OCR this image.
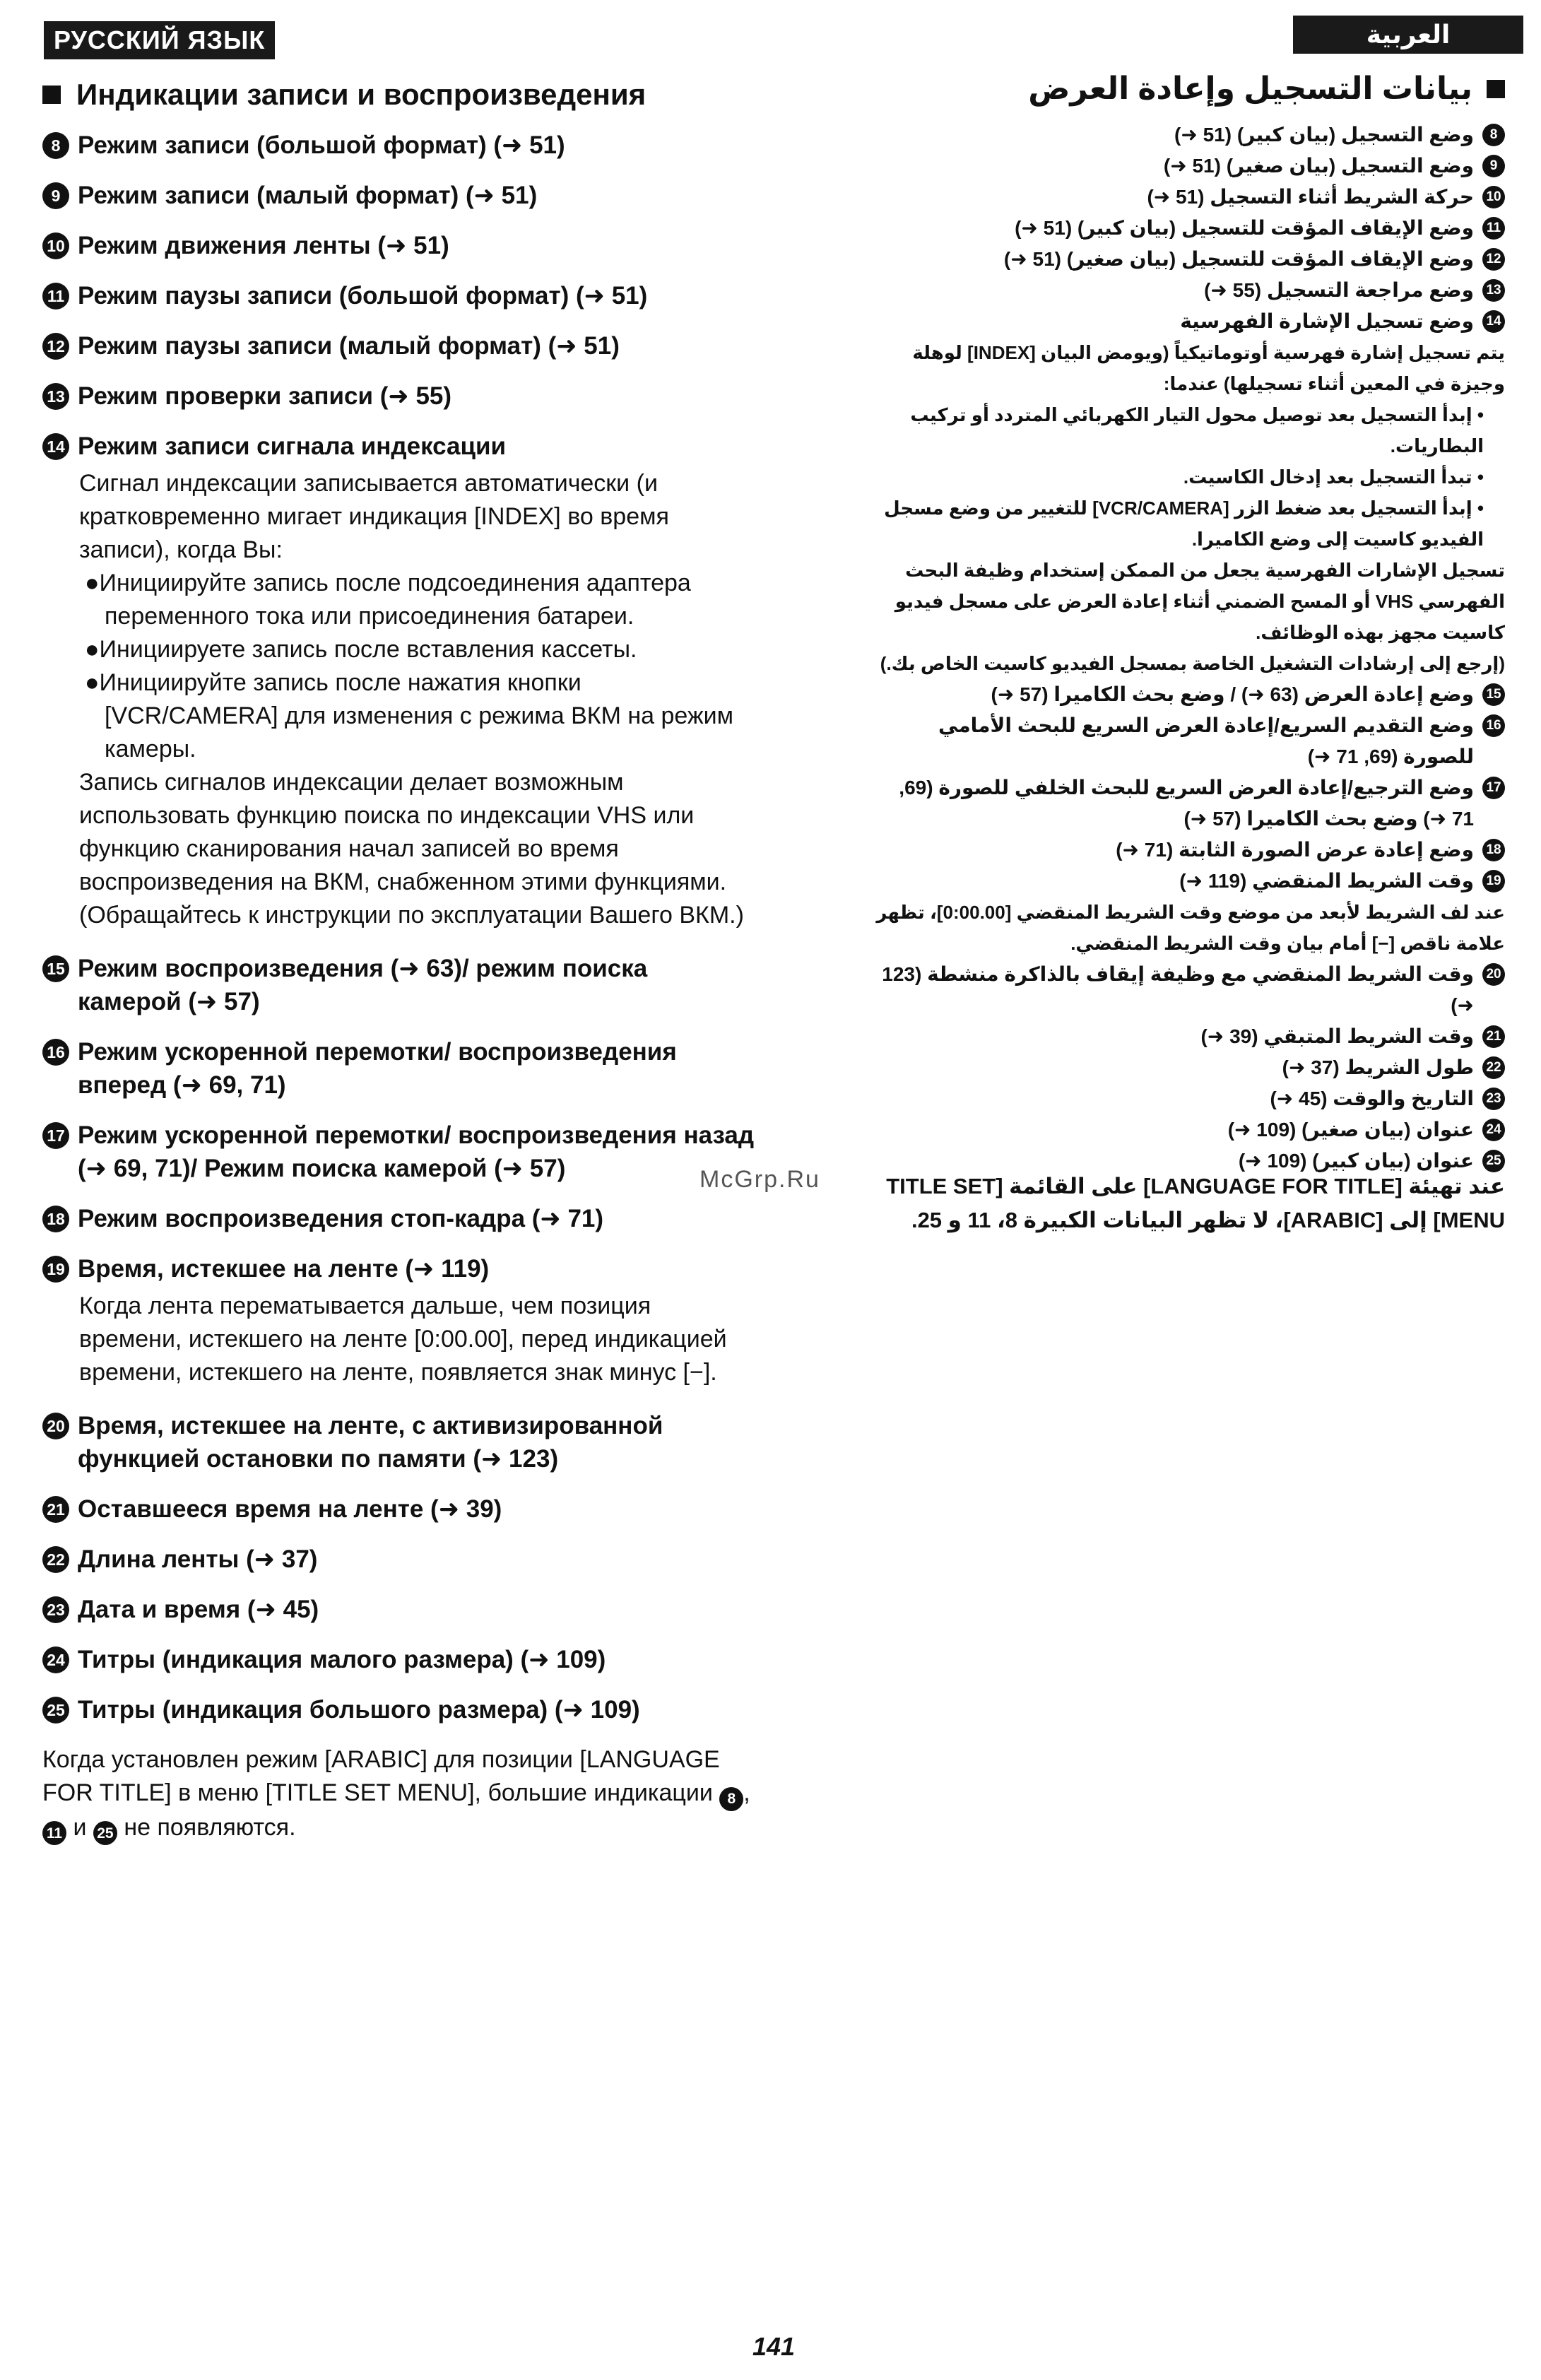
РУССКИЙ ЯЗЫК	العربية
Индикации записи и воспроизведения
8 Режим записи (большой формат) (➜ 51)
9 Режим записи (малый формат) (➜ 51)
10 Режим движения ленты (➜ 51)
11 Режим паузы записи (большой формат) (➜ 51)
12 Режим паузы записи (малый формат) (➜ 51)
13 Режим проверки записи (➜ 55)
14 Режим записи сигнала индексации
Сигнал индексации записывается автоматически (и кратковременно мигает индикация [INDEX] во время записи), когда Вы:
●Инициируйте запись после подсоединения адаптера переменного тока или присоединения батареи.
●Инициируете запись после вставления кассеты.
●Инициируйте запись после нажатия кнопки [VCR/CAMERA] для изменения с режима ВКМ на режим камеры.
Запись сигналов индексации делает возможным использовать функцию поиска по индексации VHS или функцию сканирования начал записей во время воспроизведения на ВКМ, снабженном этими функциями.
(Обращайтесь к инструкции по эксплуатации Вашего ВКМ.)
15 Режим воспроизведения (➜ 63)/ режим поиска камерой (➜ 57)
16 Режим ускоренной перемотки/ воспроизведения вперед (➜ 69, 71)
17 Режим ускоренной перемотки/ воспроизведения назад (➜ 69, 71)/ Режим поиска камерой (➜ 57)
18 Режим воспроизведения стоп-кадра (➜ 71)
19 Время, истекшее на ленте (➜ 119)
Когда лента перематывается дальше, чем позиция времени, истекшего на ленте [0:00.00], перед индикацией времени, истекшего на ленте, появляется знак минус [−].
20 Время, истекшее на ленте, с активизированной функцией остановки по памяти (➜ 123)
21 Оставшееся время на ленте (➜ 39)
22 Длина ленты (➜ 37)
23 Дата и время (➜ 45)
24 Титры (индикация малого размера) (➜ 109)
25 Титры (индикация большого размера) (➜ 109)
Когда установлен режим [ARABIC] для позиции [LANGUAGE FOR TITLE] в меню [TITLE SET MENU], большие индикации 8 , 11 и 25 не появляются.
بيانات التسجيل وإعادة العرض
8
وضع التسجيل (بيان كبير) (51 ➜)
9
وضع التسجيل (بيان صغير) (51 ➜)
10
حركة الشريط أثناء التسجيل (51 ➜)
11
وضع الإيقاف المؤقت للتسجيل (بيان كبير) (51 ➜)
12
وضع الإيقاف المؤقت للتسجيل (بيان صغير) (51 ➜)
13
وضع مراجعة التسجيل (55 ➜)
14
وضع تسجيل الإشارة الفهرسية
يتم تسجيل إشارة فهرسية أوتوماتيكياً (ويومض البيان [INDEX] لوهلة وجيزة في المعين أثناء تسجيلها) عندما:
• إبدأ التسجيل بعد توصيل محول التيار الكهربائي المتردد أو تركيب البطاريات.
• تبدأ التسجيل بعد إدخال الكاسيت.
• إبدأ التسجيل بعد ضغط الزر [VCR/CAMERA] للتغيير من وضع مسجل الفيديو كاسيت إلى وضع الكاميرا.
تسجيل الإشارات الفهرسية يجعل من الممكن إستخدام وظيفة البحث الفهرسي VHS أو المسح الضمني أثناء إعادة العرض على مسجل فيديو كاسيت مجهز بهذه الوظائف.
(إرجع إلى إرشادات التشغيل الخاصة بمسجل الفيديو كاسيت الخاص بك.)
15
وضع إعادة العرض (63 ➜) / وضع بحث الكاميرا (57 ➜)
16
وضع التقديم السريع/إعادة العرض السريع للبحث الأمامي للصورة (69, 71 ➜)
17
وضع الترجيع/إعادة العرض السريع للبحث الخلفي للصورة (69, 71 ➜) وضع بحث الكاميرا (57 ➜)
18
وضع إعادة عرض الصورة الثابتة (71 ➜)
19
وقت الشريط المنقضي (119 ➜)
عند لف الشريط لأبعد من موضع وقت الشريط المنقضي [0:00.00]، تظهر علامة ناقص [−] أمام بيان وقت الشريط المنقضي.
20
وقت الشريط المنقضي مع وظيفة إيقاف بالذاكرة منشطة (123 ➜)
21
وقت الشريط المتبقي (39 ➜)
22
طول الشريط (37 ➜)
23
التاريخ والوقت (45 ➜)
24
عنوان (بيان صغير) (109 ➜)
25
عنوان (بيان كبير) (109 ➜)
عند تهيئة [LANGUAGE FOR TITLE] على القائمة [TITLE SET MENU] إلى [ARABIC]، لا تظهر البيانات الكبيرة 8، 11 و 25.
McGrp.Ru
141
